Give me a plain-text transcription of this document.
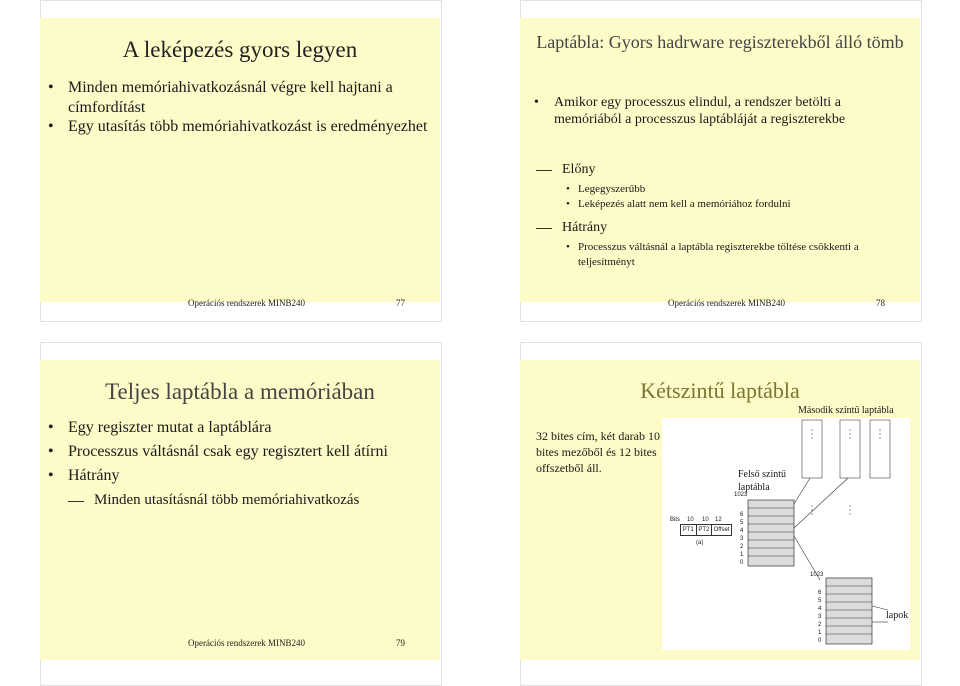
A leképezés gyors legyen
• Minden memóriahivatkozásnál végre kell hajtani a címfordítást
• Egy utasítás több memóriahivatkozást is eredményezhet
Operációs rendszerek MINB240	77
Laptábla: Gyors hadrware regiszterekből álló tömb
• Amikor egy processzus elindul, a rendszer betölti a memóriából a processzus laptábláját a regiszterekbe
Előny
• Legegyszerűbb
• Leképezés alatt nem kell a memóriához fordulni
Hátrány
• Processzus váltásnál a laptábla regiszterekbe töltése csökkenti a teljesítményt
Operációs rendszerek MINB240	78
Teljes laptábla a memóriában
• Egy regiszter mutat a laptáblára
• Processzus váltásnál csak egy regisztert kell átírni
• Hátrány
Minden utasításnál több memóriahivatkozás
Operációs rendszerek MINB240	79
Kétszintű laptábla
32 bites cím, két darab 10 bites mezőből és 12 bites offszetből áll.
Második szintű laptábla
Felső szintű laptábla
lapok
Bits 10 10 12
PT1 PT2 Offset
(a)
1023
6
5
4
3
2
1
0
1023
6
5
4
3
2
1
0
